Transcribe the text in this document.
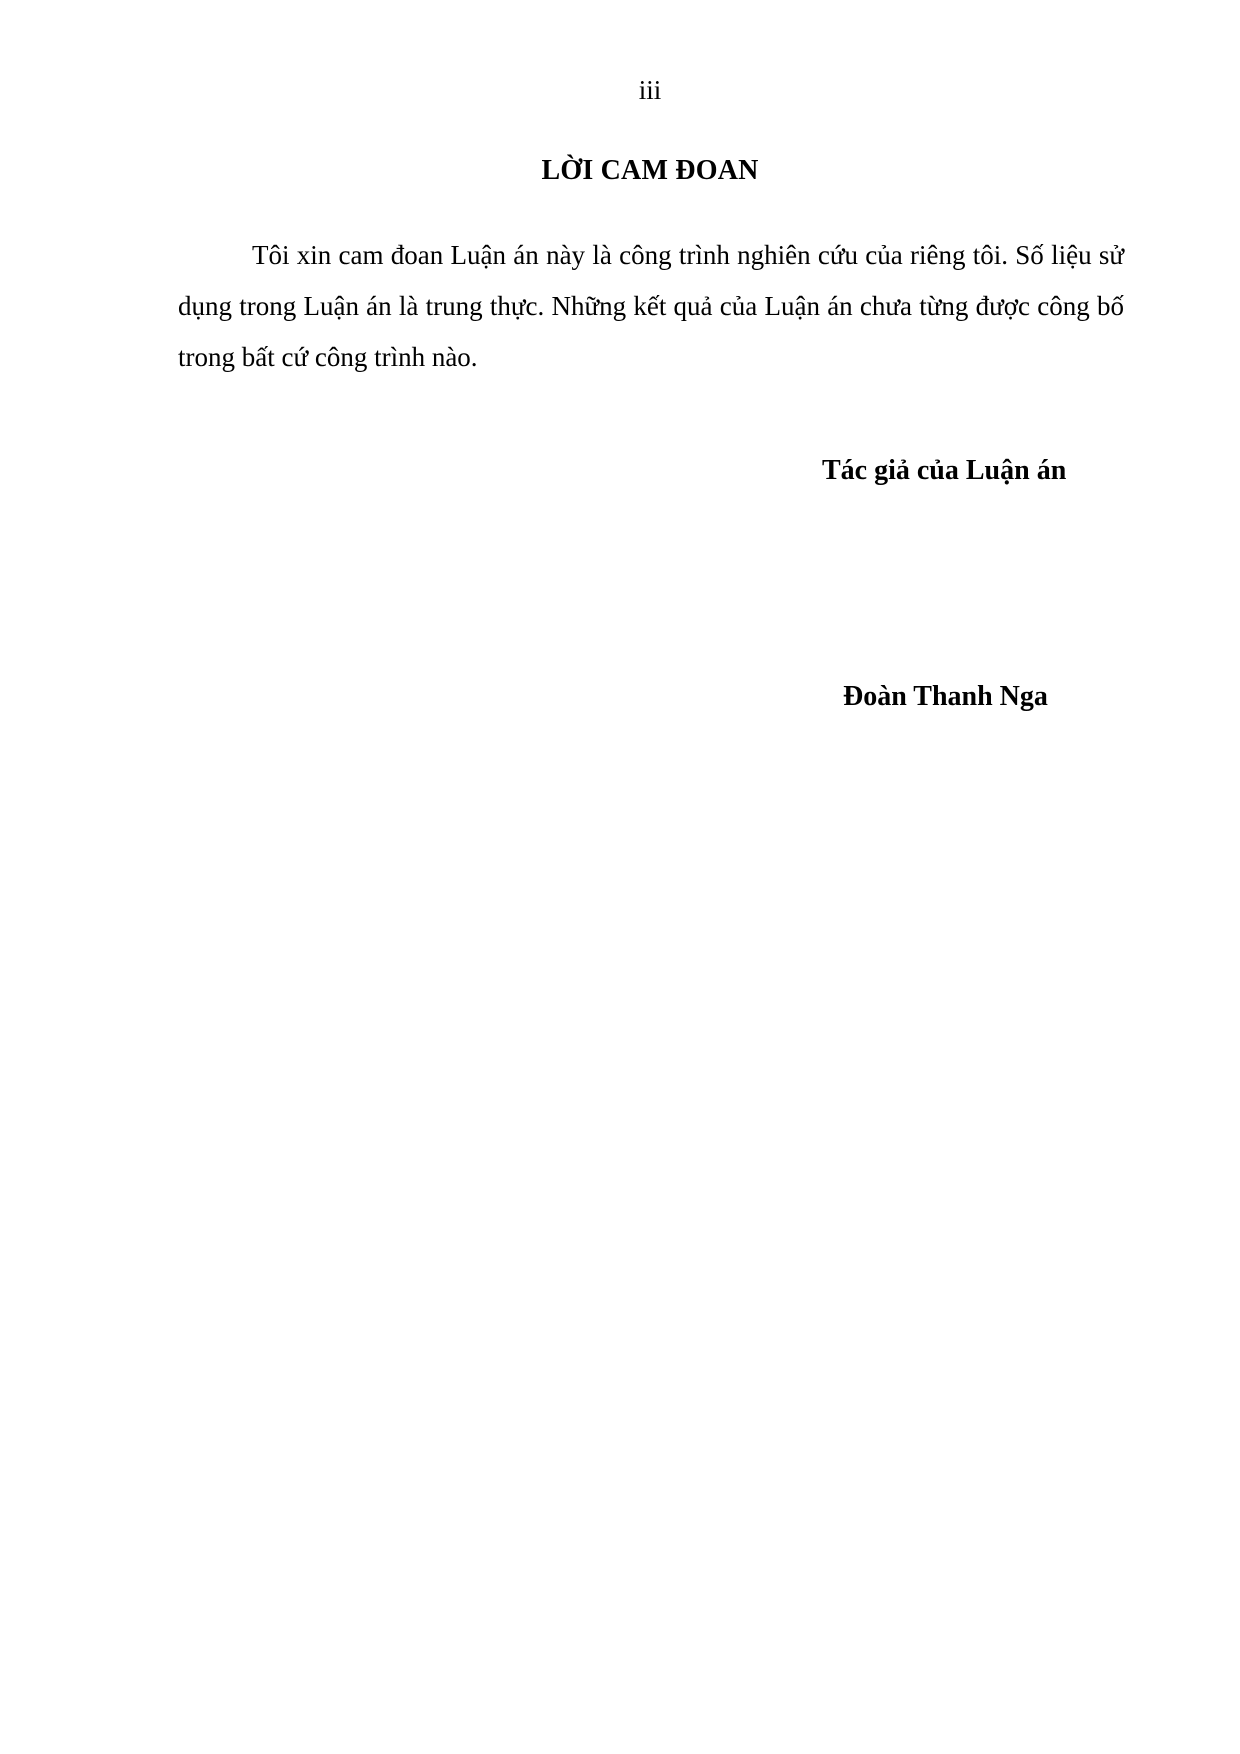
iii
LỜI CAM ĐOAN

Tôi xin cam đoan Luận án này là công trình nghiên cứu của riêng tôi. Số liệu sử dụng trong Luận án là trung thực. Những kết quả của Luận án chưa từng được công bố trong bất cứ công trình nào.

Tác giả của Luận án
Đoàn Thanh Nga
